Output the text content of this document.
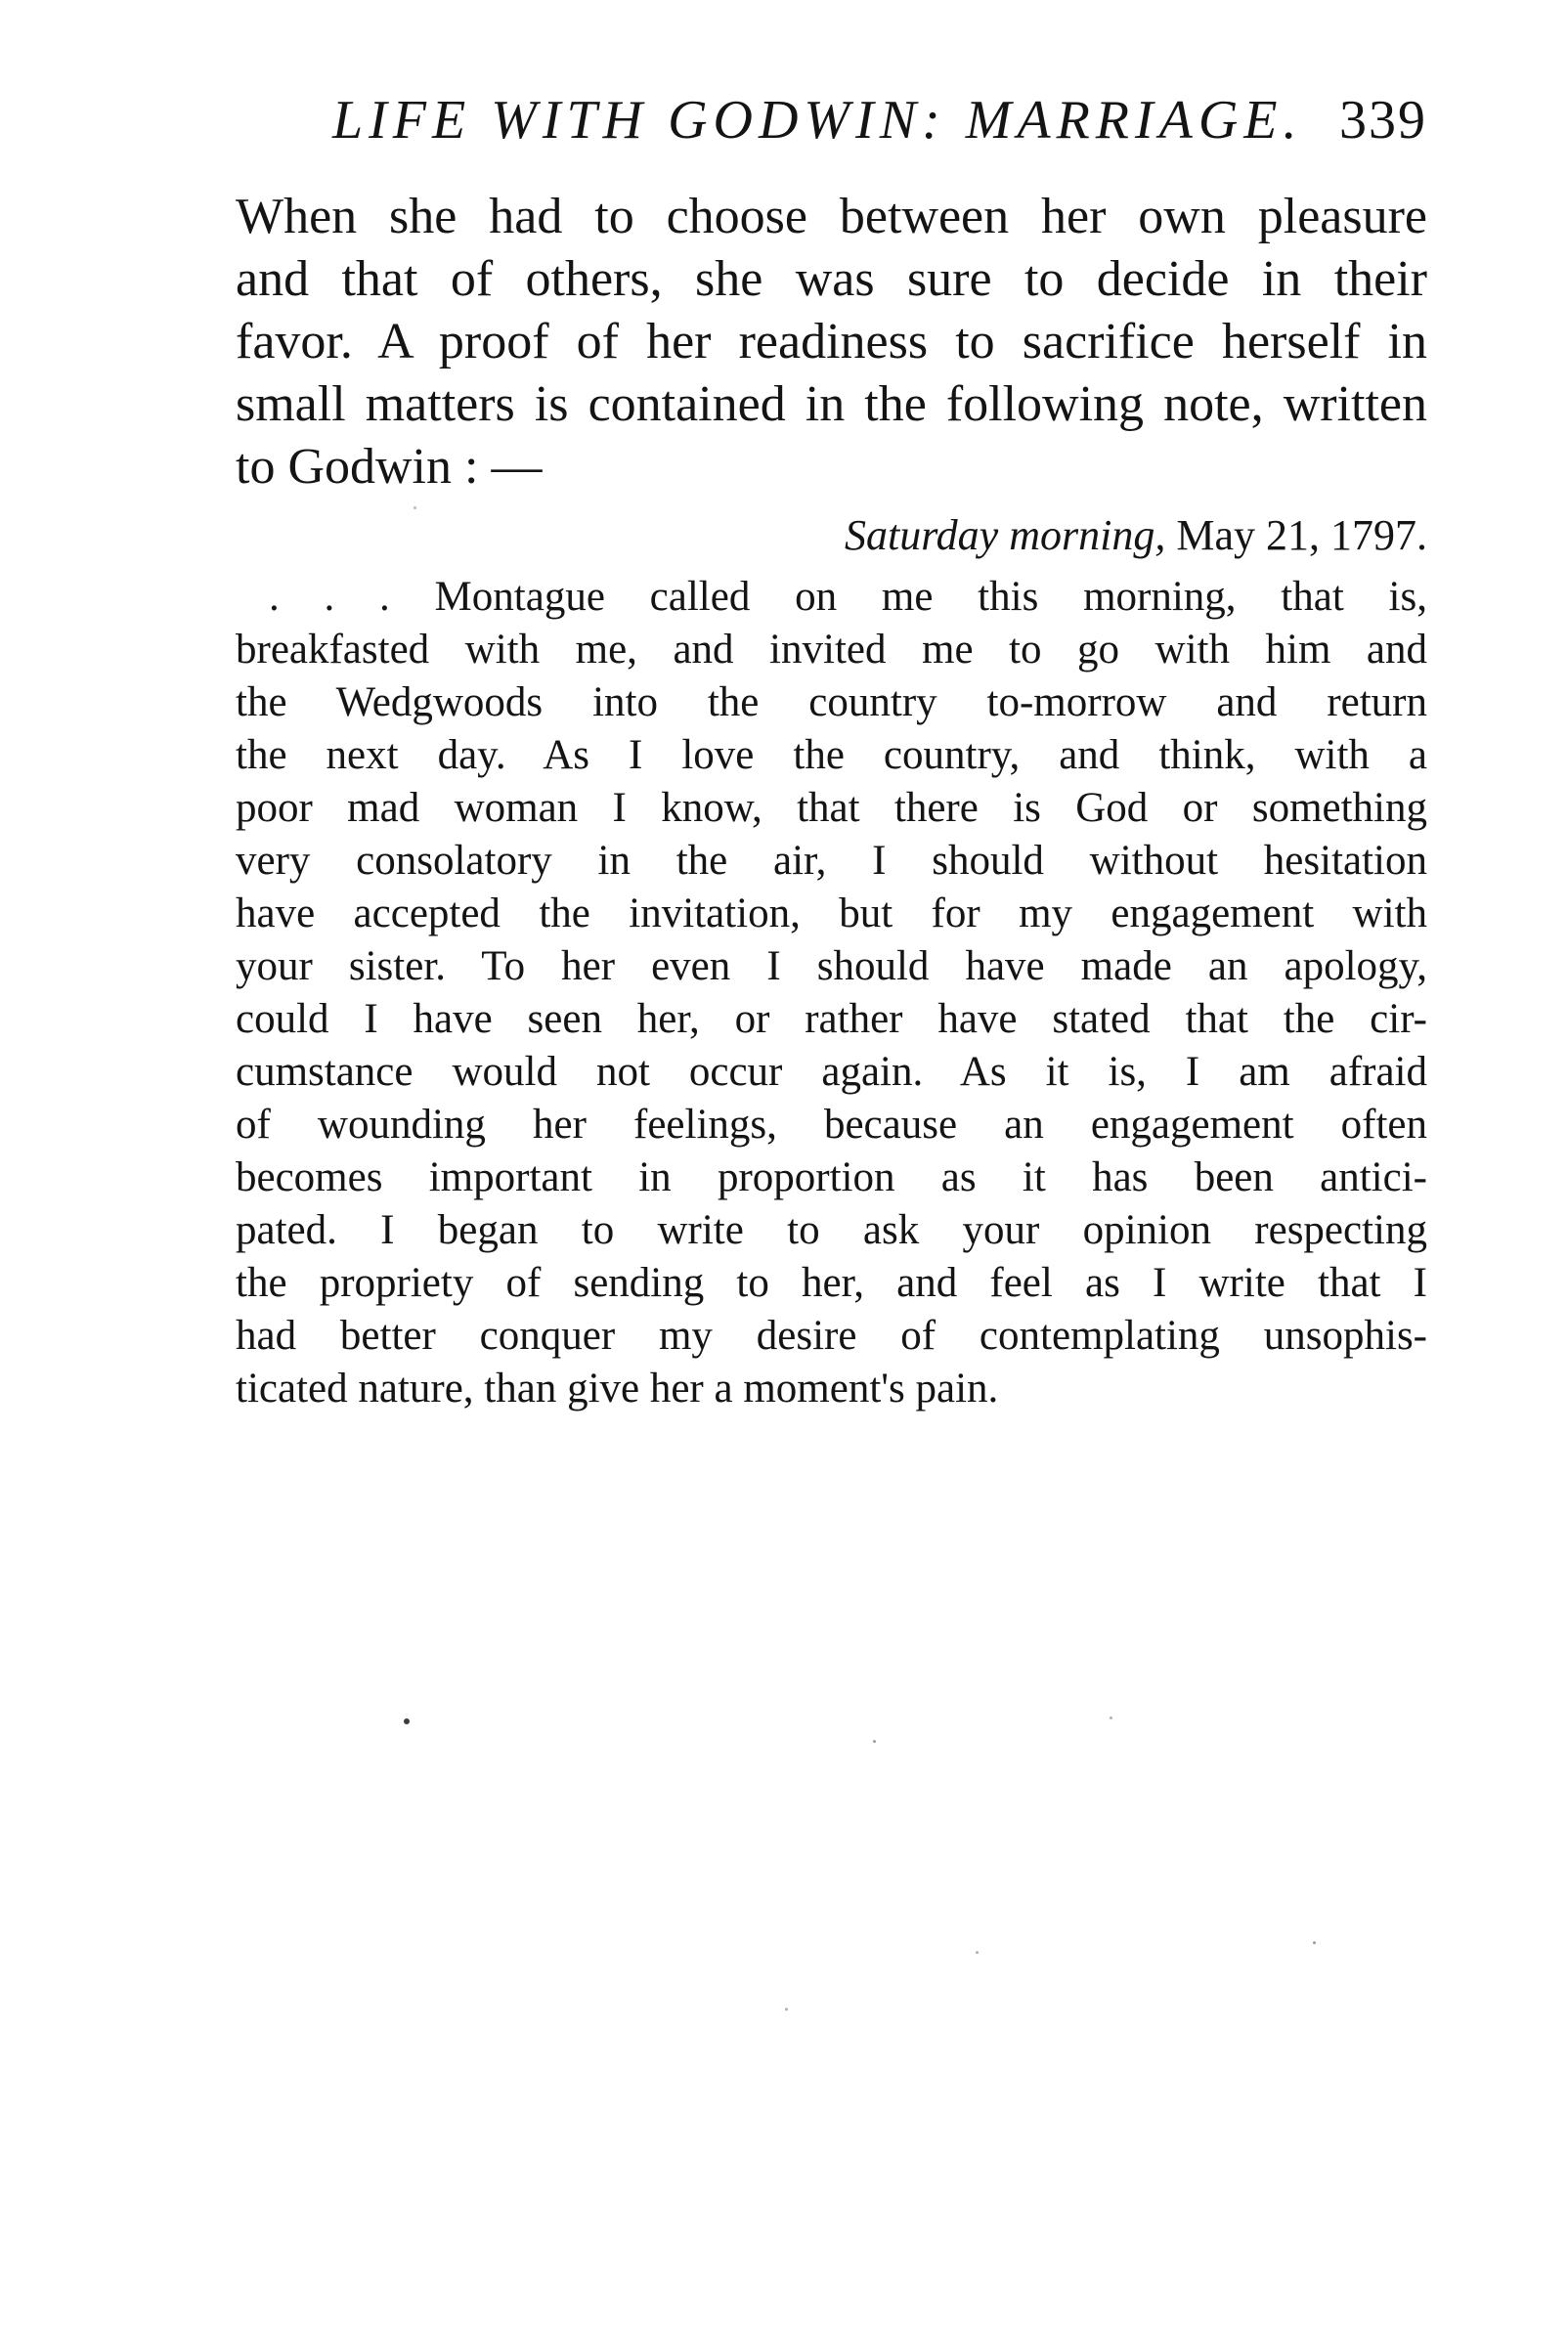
LIFE WITH GODWIN: MARRIAGE. 339
When she had to choose between her own pleasure
and that of others, she was sure to decide in their
favor. A proof of her readiness to sacrifice herself in
small matters is contained in the following note, written
to Godwin : —
Saturday morning, May 21, 1797.
. . . Montague called on me this morning, that is,
breakfasted with me, and invited me to go with him and
the Wedgwoods into the country to-morrow and return
the next day. As I love the country, and think, with a
poor mad woman I know, that there is God or something
very consolatory in the air, I should without hesitation
have accepted the invitation, but for my engagement with
your sister. To her even I should have made an apology,
could I have seen her, or rather have stated that the cir-
cumstance would not occur again. As it is, I am afraid
of wounding her feelings, because an engagement often
becomes important in proportion as it has been antici-
pated. I began to write to ask your opinion respecting
the propriety of sending to her, and feel as I write that I
had better conquer my desire of contemplating unsophis-
ticated nature, than give her a moment's pain.
